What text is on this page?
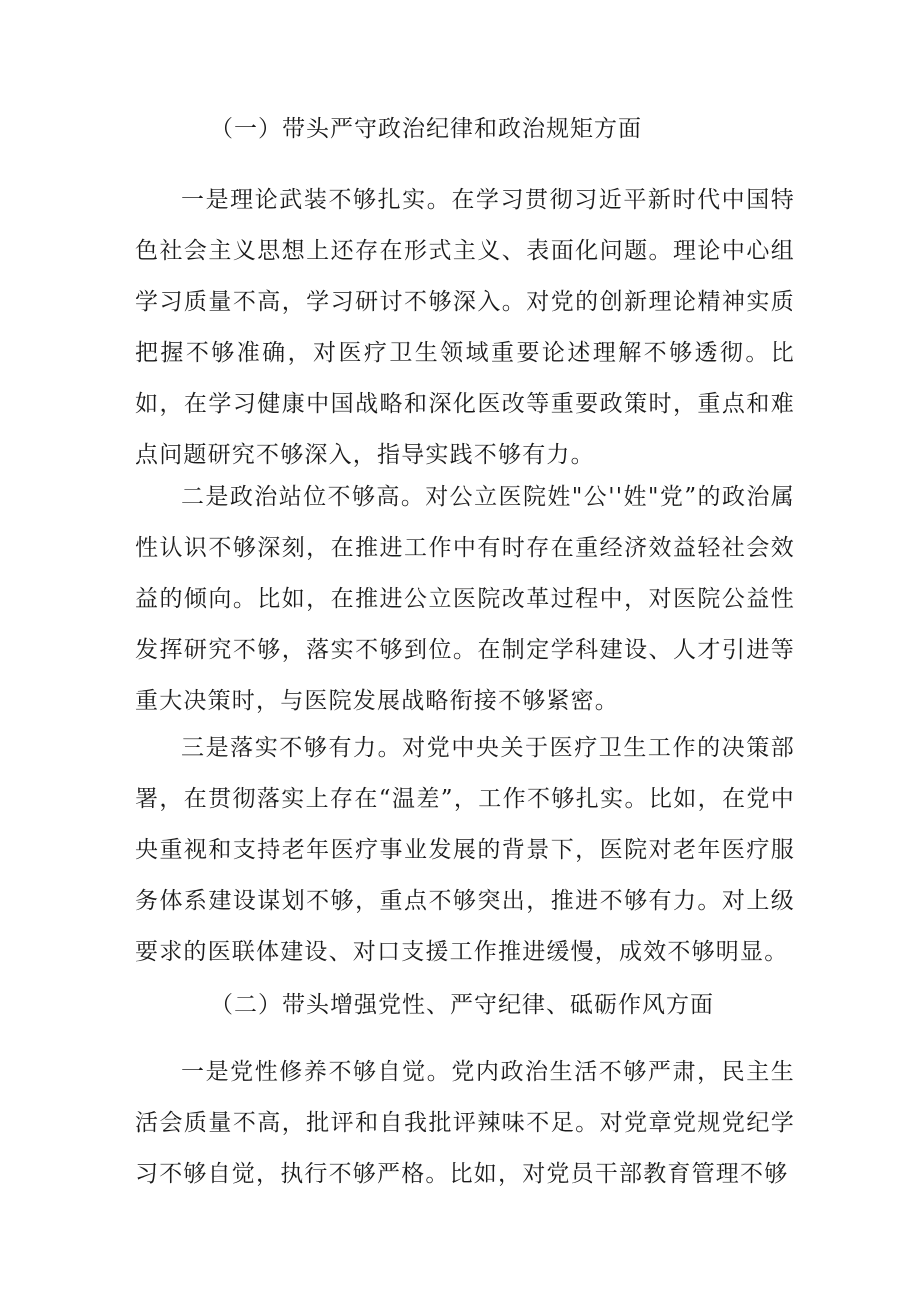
（一）带头严守政治纪律和政治规矩方面

一是理论武装不够扎实。在学习贯彻习近平新时代中国特色社会主义思想上还存在形式主义、表面化问题。理论中心组学习质量不高，学习研讨不够深入。对党的创新理论精神实质把握不够准确，对医疗卫生领域重要论述理解不够透彻。比如，在学习健康中国战略和深化医改等重要政策时，重点和难点问题研究不够深入，指导实践不够有力。

二是政治站位不够高。对公立医院姓"公''姓"党”的政治属性认识不够深刻，在推进工作中有时存在重经济效益轻社会效益的倾向。比如，在推进公立医院改革过程中，对医院公益性发挥研究不够，落实不够到位。在制定学科建设、人才引进等重大决策时，与医院发展战略衔接不够紧密。

三是落实不够有力。对党中央关于医疗卫生工作的决策部署，在贯彻落实上存在“温差”，工作不够扎实。比如，在党中央重视和支持老年医疗事业发展的背景下，医院对老年医疗服务体系建设谋划不够，重点不够突出，推进不够有力。对上级要求的医联体建设、对口支援工作推进缓慢，成效不够明显。

（二）带头增强党性、严守纪律、砥砺作风方面

一是党性修养不够自觉。党内政治生活不够严肃，民主生活会质量不高，批评和自我批评辣味不足。对党章党规党纪学习不够自觉，执行不够严格。比如，对党员干部教育管理不够
